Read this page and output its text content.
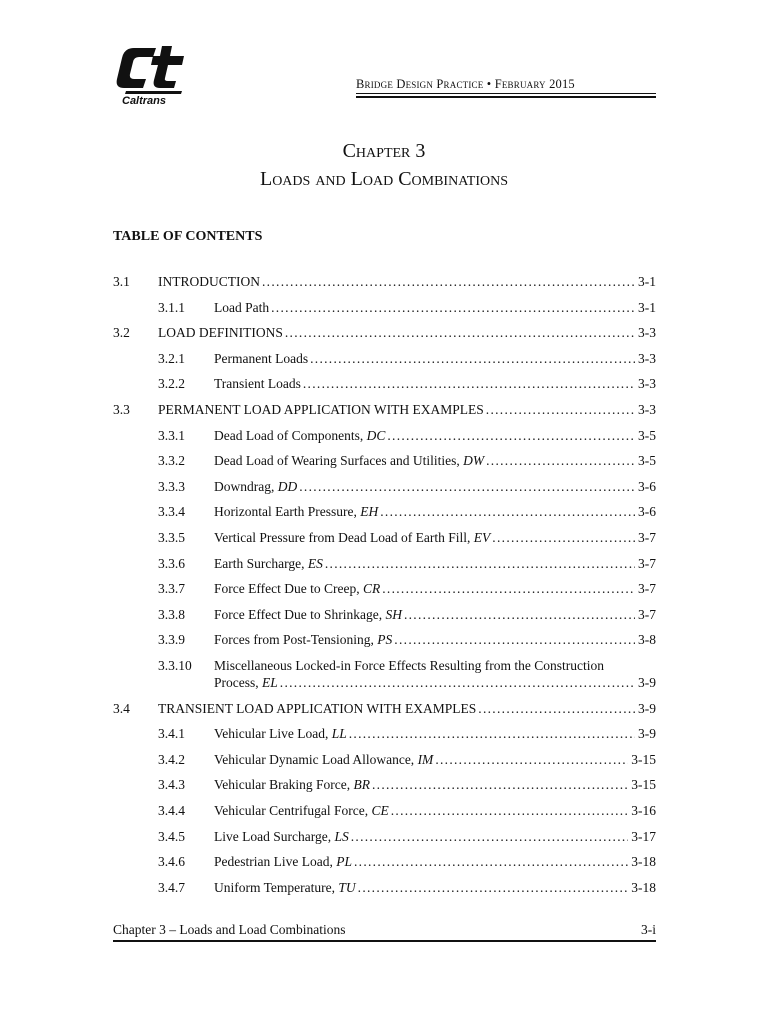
Caltrans
Bridge Design Practice • February 2015
Chapter 3
Loads and Load Combinations
TABLE OF CONTENTS
3.1 INTRODUCTION .....	3-1
3.1.1 Load Path .....	3-1
3.2 LOAD DEFINITIONS .....	3-3
3.2.1 Permanent Loads .....	3-3
3.2.2 Transient Loads .....	3-3
3.3 PERMANENT LOAD APPLICATION WITH EXAMPLES .....	3-3
3.3.1 Dead Load of Components, DC .....	3-5
3.3.2 Dead Load of Wearing Surfaces and Utilities, DW .....	3-5
3.3.3 Downdrag, DD .....	3-6
3.3.4 Horizontal Earth Pressure, EH .....	3-6
3.3.5 Vertical Pressure from Dead Load of Earth Fill, EV .....	3-7
3.3.6 Earth Surcharge, ES .....	3-7
3.3.7 Force Effect Due to Creep, CR .....	3-7
3.3.8 Force Effect Due to Shrinkage, SH .....	3-7
3.3.9 Forces from Post-Tensioning, PS .....	3-8
3.3.10 Miscellaneous Locked-in Force Effects Resulting from the Construction
Process, EL .....	3-9
3.4 TRANSIENT LOAD APPLICATION WITH EXAMPLES .....	3-9
3.4.1 Vehicular Live Load, LL .....	3-9
3.4.2 Vehicular Dynamic Load Allowance, IM .....	3-15
3.4.3 Vehicular Braking Force, BR .....	3-15
3.4.4 Vehicular Centrifugal Force, CE .....	3-16
3.4.5 Live Load Surcharge, LS .....	3-17
3.4.6 Pedestrian Live Load, PL .....	3-18
3.4.7 Uniform Temperature, TU .....	3-18
Chapter 3 – Loads and Load Combinations	3-i
